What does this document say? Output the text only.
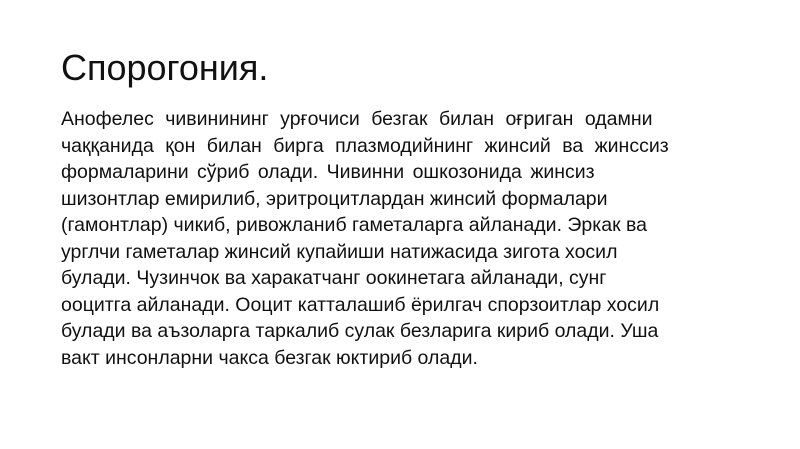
Спорогония.
Анофелес чивинининг урғочиси безгак билан оғриган одамни
чаққанида қон билан бирга плазмодийнинг жинсий ва жинссиз
формаларини сўриб олади. Чивинни ошкозонида жинсиз
шизонтлар емирилиб, эритроцитлардан жинсий формалари
(гамонтлар) чикиб, ривожланиб гаметаларга айланади. Эркак ва
урглчи гаметалар жинсий купайиши натижасида зигота хосил
булади. Чузинчок ва харакатчанг оокинетага айланади, сунг
ооцитга айланади. Ооцит катталашиб ёрилгач спорзоитлар хосил
булади ва аъзоларга таркалиб сулак безларига кириб олади. Уша
вакт инсонларни чакса безгак юктириб олади.
